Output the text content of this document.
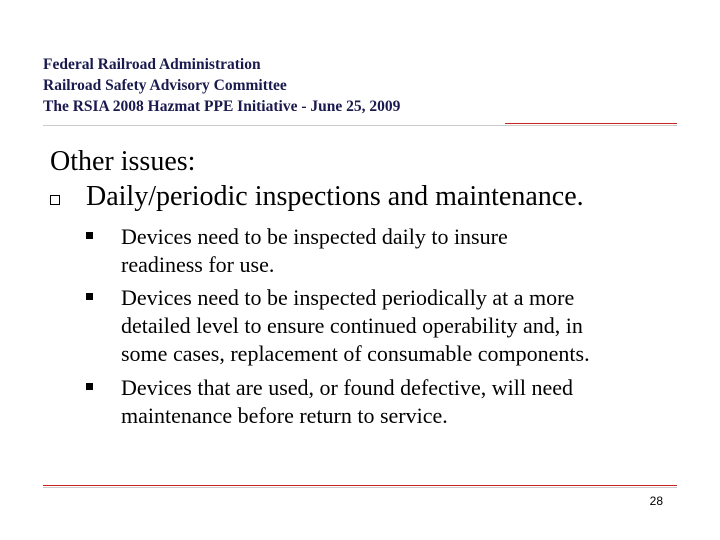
Federal Railroad Administration
Railroad Safety Advisory Committee
The RSIA 2008 Hazmat PPE Initiative - June 25, 2009
Other issues:
Daily/periodic inspections and maintenance.
Devices need to be inspected daily to insure
readiness for use.
Devices need to be inspected periodically at a more
detailed level to ensure continued operability and, in
some cases, replacement of consumable components.
Devices that are used, or found defective, will need
maintenance before return to service.
28
